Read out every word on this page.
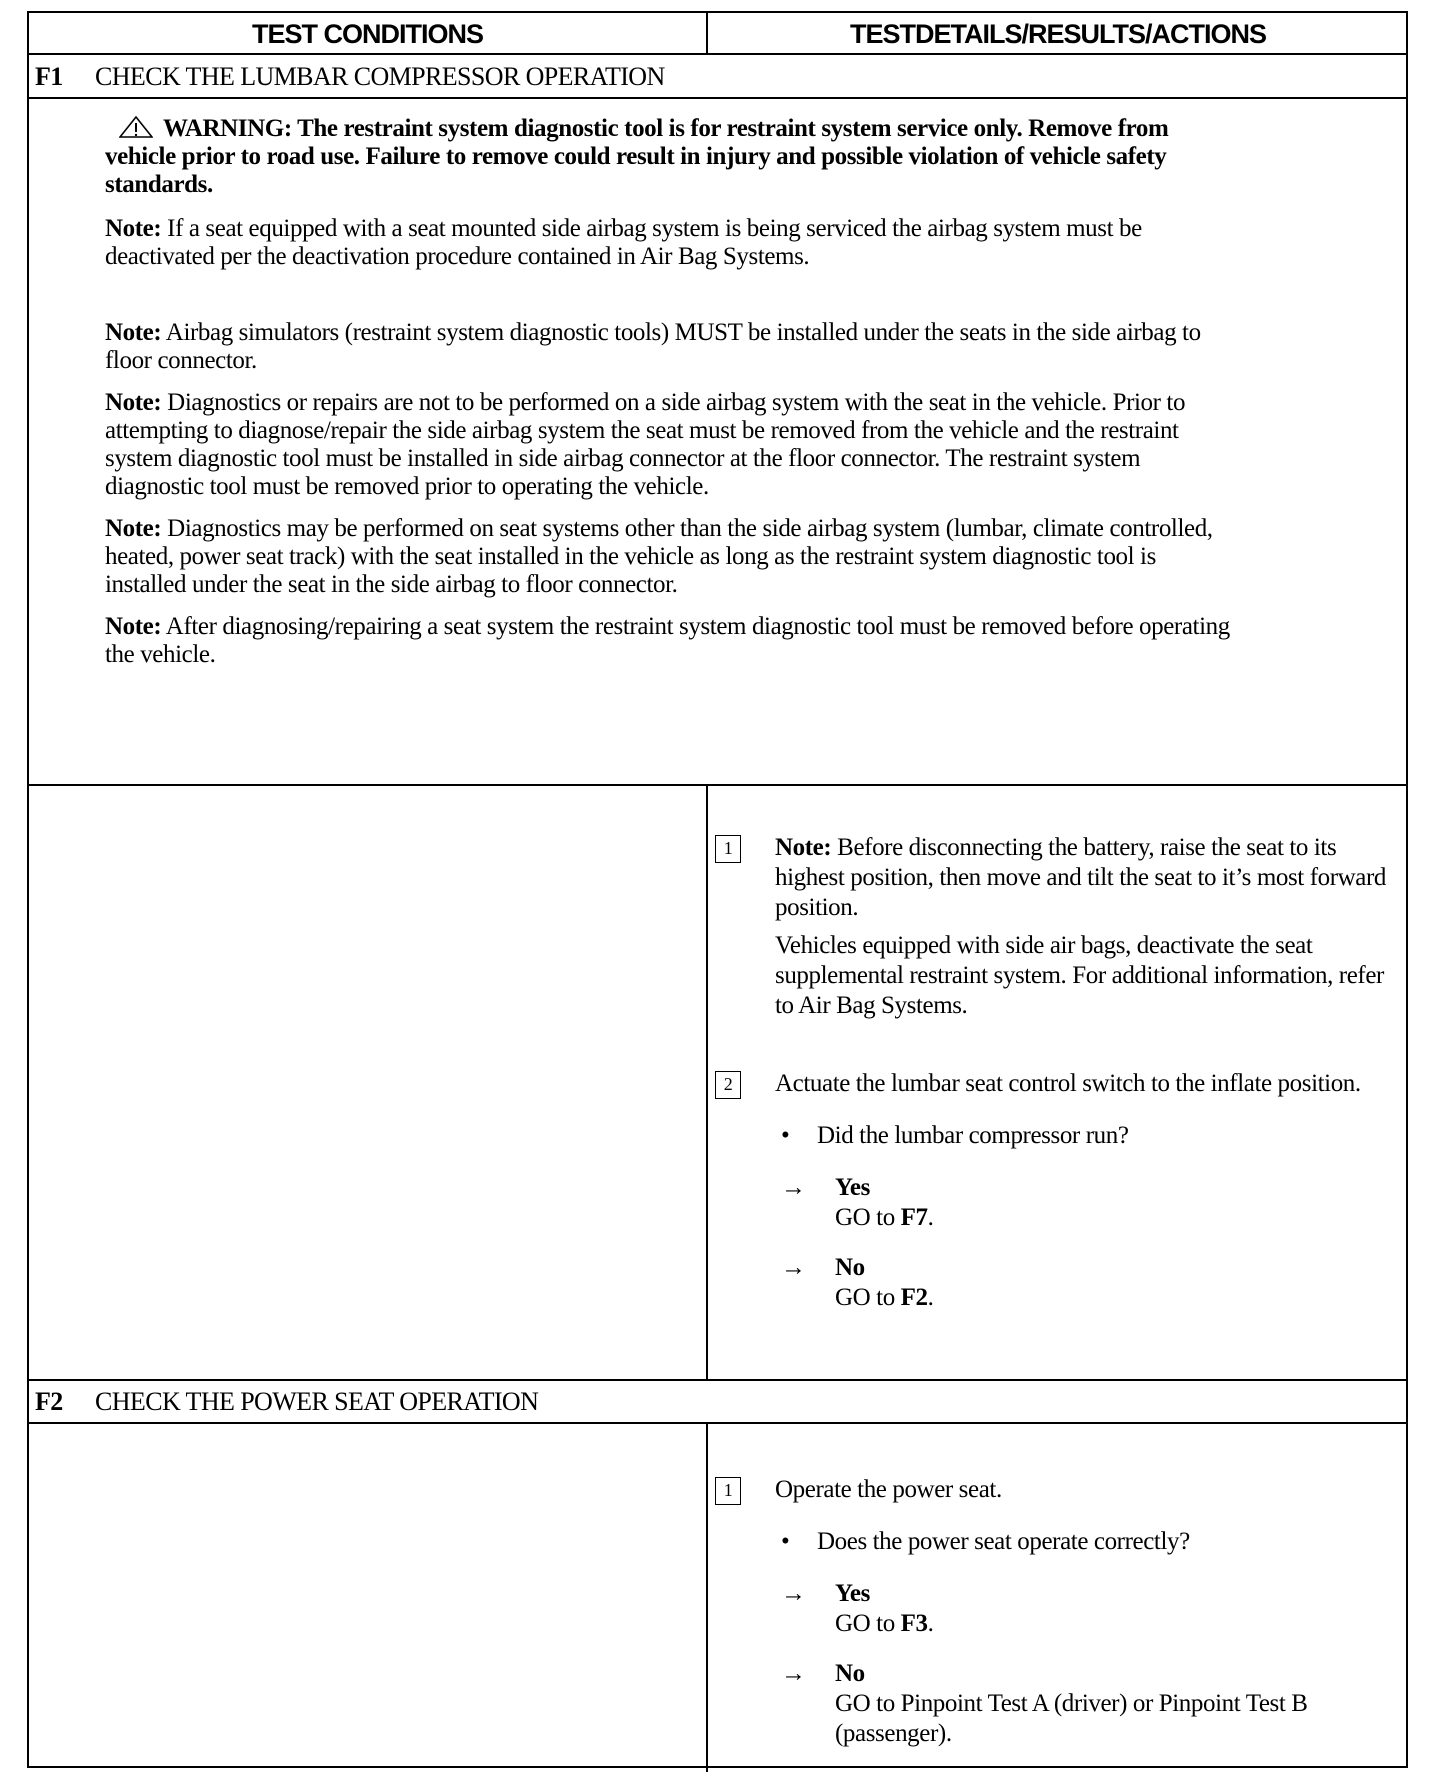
TEST CONDITIONS	TESTDETAILS/RESULTS/ACTIONS
F1	CHECK THE LUMBAR COMPRESSOR OPERATION

WARNING: The restraint system diagnostic tool is for restraint system service only. Remove from vehicle prior to road use. Failure to remove could result in injury and possible violation of vehicle safety standards.

Note: If a seat equipped with a seat mounted side airbag system is being serviced the airbag system must be deactivated per the deactivation procedure contained in Air Bag Systems.

Note: Airbag simulators (restraint system diagnostic tools) MUST be installed under the seats in the side airbag to floor connector.

Note: Diagnostics or repairs are not to be performed on a side airbag system with the seat in the vehicle. Prior to attempting to diagnose/repair the side airbag system the seat must be removed from the vehicle and the restraint system diagnostic tool must be installed in side airbag connector at the floor connector. The restraint system diagnostic tool must be removed prior to operating the vehicle.

Note: Diagnostics may be performed on seat systems other than the side airbag system (lumbar, climate controlled, heated, power seat track) with the seat installed in the vehicle as long as the restraint system diagnostic tool is installed under the seat in the side airbag to floor connector.

Note: After diagnosing/repairing a seat system the restraint system diagnostic tool must be removed before operating the vehicle.

1	Note: Before disconnecting the battery, raise the seat to its highest position, then move and tilt the seat to it’s most forward position.

Vehicles equipped with side air bags, deactivate the seat supplemental restraint system. For additional information, refer to Air Bag Systems.

2	Actuate the lumbar seat control switch to the inflate position.

• Did the lumbar compressor run?

→ Yes
GO to F7.
→ No
GO to F2.
F2	CHECK THE POWER SEAT OPERATION
1	Operate the power seat.

• Does the power seat operate correctly?

→ Yes
GO to F3.
→ No
GO to Pinpoint Test A (driver) or Pinpoint Test B (passenger).
